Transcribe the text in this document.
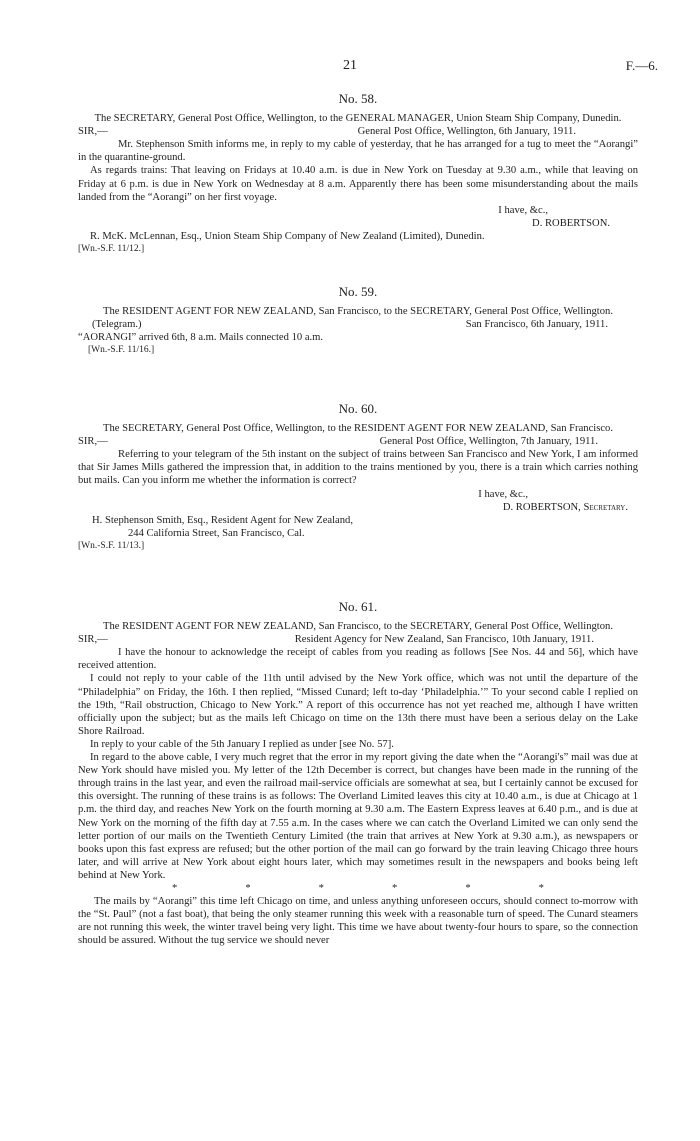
21	F.—6.
No. 58.
The SECRETARY, General Post Office, Wellington, to the GENERAL MANAGER, Union Steam Ship Company, Dunedin.
SIR,—	General Post Office, Wellington, 6th January, 1911.
Mr. Stephenson Smith informs me, in reply to my cable of yesterday, that he has arranged for a tug to meet the “Aorangi” in the quarantine-ground.
As regards trains: That leaving on Fridays at 10.40 a.m. is due in New York on Tuesday at 9.30 a.m., while that leaving on Friday at 6 p.m. is due in New York on Wednesday at 8 a.m. Apparently there has been some misunderstanding about the mails landed from the “Aorangi” on her first voyage.
I have, &c.,
D. ROBERTSON.
R. McK. McLennan, Esq., Union Steam Ship Company of New Zealand (Limited), Dunedin.
[Wn.-S.F. 11/12.]
No. 59.
The RESIDENT AGENT FOR NEW ZEALAND, San Francisco, to the SECRETARY, General Post Office, Wellington.
(Telegram.)	San Francisco, 6th January, 1911.
“AORANGI” arrived 6th, 8 a.m. Mails connected 10 a.m.
[Wn.-S.F. 11/16.]
No. 60.
The SECRETARY, General Post Office, Wellington, to the RESIDENT AGENT FOR NEW ZEALAND, San Francisco.
SIR,—	General Post Office, Wellington, 7th January, 1911.
Referring to your telegram of the 5th instant on the subject of trains between San Francisco and New York, I am informed that Sir James Mills gathered the impression that, in addition to the trains mentioned by you, there is a train which carries nothing but mails. Can you inform me whether the information is correct?
I have, &c.,
D. ROBERTSON, Secretary.
H. Stephenson Smith, Esq., Resident Agent for New Zealand,
244 California Street, San Francisco, Cal.
[Wn.-S.F. 11/13.]
No. 61.
The RESIDENT AGENT FOR NEW ZEALAND, San Francisco, to the SECRETARY, General Post Office, Wellington.
SIR,—	Resident Agency for New Zealand, San Francisco, 10th January, 1911.
I have the honour to acknowledge the receipt of cables from you reading as follows [See Nos. 44 and 56], which have received attention.
I could not reply to your cable of the 11th until advised by the New York office, which was not until the departure of the “Philadelphia” on Friday, the 16th. I then replied, “Missed Cunard; left to-day ‘Philadelphia.’” To your second cable I replied on the 19th, “Rail obstruction, Chicago to New York.” A report of this occurrence has not yet reached me, although I have written officially upon the subject; but as the mails left Chicago on time on the 13th there must have been a serious delay on the Lake Shore Railroad.
In reply to your cable of the 5th January I replied as under [see No. 57].
In regard to the above cable, I very much regret that the error in my report giving the date when the “Aorangi's” mail was due at New York should have misled you. My letter of the 12th December is correct, but changes have been made in the running of the through trains in the last year, and even the railroad mail-service officials are somewhat at sea, but I certainly cannot be excused for this oversight. The running of these trains is as follows: The Overland Limited leaves this city at 10.40 a.m., is due at Chicago at 1 p.m. the third day, and reaches New York on the fourth morning at 9.30 a.m. The Eastern Express leaves at 6.40 p.m., and is due at New York on the morning of the fifth day at 7.55 a.m. In the cases where we can catch the Overland Limited we can only send the letter portion of our mails on the Twentieth Century Limited (the train that arrives at New York at 9.30 a.m.), as newspapers or books upon this fast express are refused; but the other portion of the mail can go forward by the train leaving Chicago three hours later, and will arrive at New York about eight hours later, which may sometimes result in the newspapers and books being left behind at New York.
*	*	*	*	*	*
The mails by “Aorangi” this time left Chicago on time, and unless anything unforeseen occurs, should connect to-morrow with the “St. Paul” (not a fast boat), that being the only steamer running this week with a reasonable turn of speed. The Cunard steamers are not running this week, the winter travel being very light. This time we have about twenty-four hours to spare, so the connection should be assured. Without the tug service we should never
